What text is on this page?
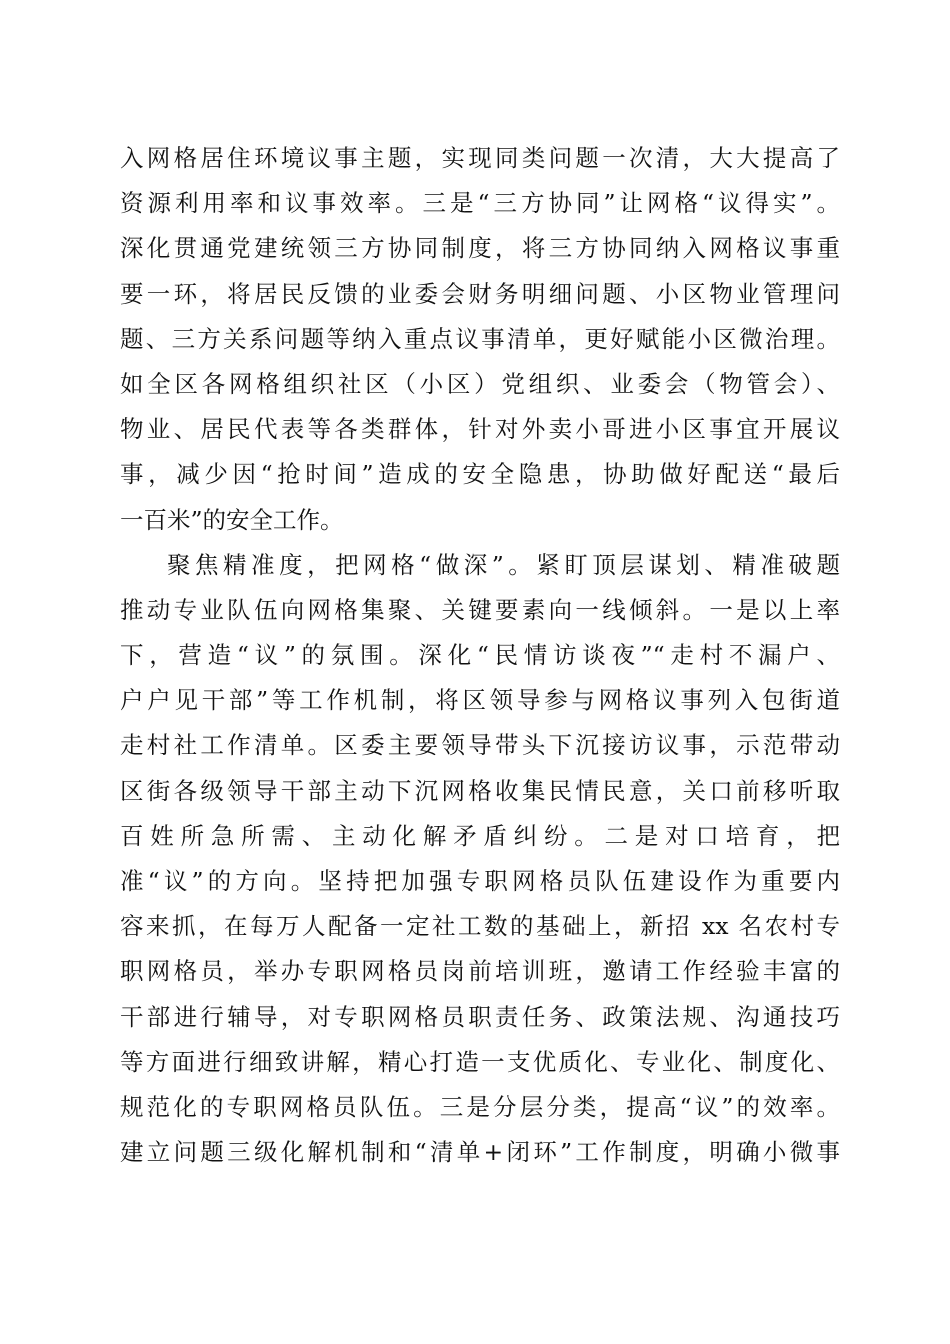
入网格居住环境议事主题，实现同类问题一次清，大大提高了
资源利用率和议事效率。三是“三方协同”让网格“议得实”。
深化贯通党建统领三方协同制度，将三方协同纳入网格议事重
要一环，将居民反馈的业委会财务明细问题、小区物业管理问
题、三方关系问题等纳入重点议事清单，更好赋能小区微治理。
如全区各网格组织社区（小区）党组织、业委会（物管会）、
物业、居民代表等各类群体，针对外卖小哥进小区事宜开展议
事，减少因“抢时间”造成的安全隐患，协助做好配送“最后
一百米”的安全工作。
聚焦精准度，把网格“做深”。紧盯顶层谋划、精准破题
推动专业队伍向网格集聚、关键要素向一线倾斜。一是以上率
下，营造“议”的氛围。深化“民情访谈夜”“走村不漏户、
户户见干部”等工作机制，将区领导参与网格议事列入包街道
走村社工作清单。区委主要领导带头下沉接访议事，示范带动
区街各级领导干部主动下沉网格收集民情民意，关口前移听取
百姓所急所需、主动化解矛盾纠纷。二是对口培育，把
准“议”的方向。坚持把加强专职网格员队伍建设作为重要内
容来抓，在每万人配备一定社工数的基础上，新招 xx 名农村专
职网格员，举办专职网格员岗前培训班，邀请工作经验丰富的
干部进行辅导，对专职网格员职责任务、政策法规、沟通技巧
等方面进行细致讲解，精心打造一支优质化、专业化、制度化、
规范化的专职网格员队伍。三是分层分类，提高“议”的效率。
建立问题三级化解机制和“清单+闭环”工作制度，明确小微事
